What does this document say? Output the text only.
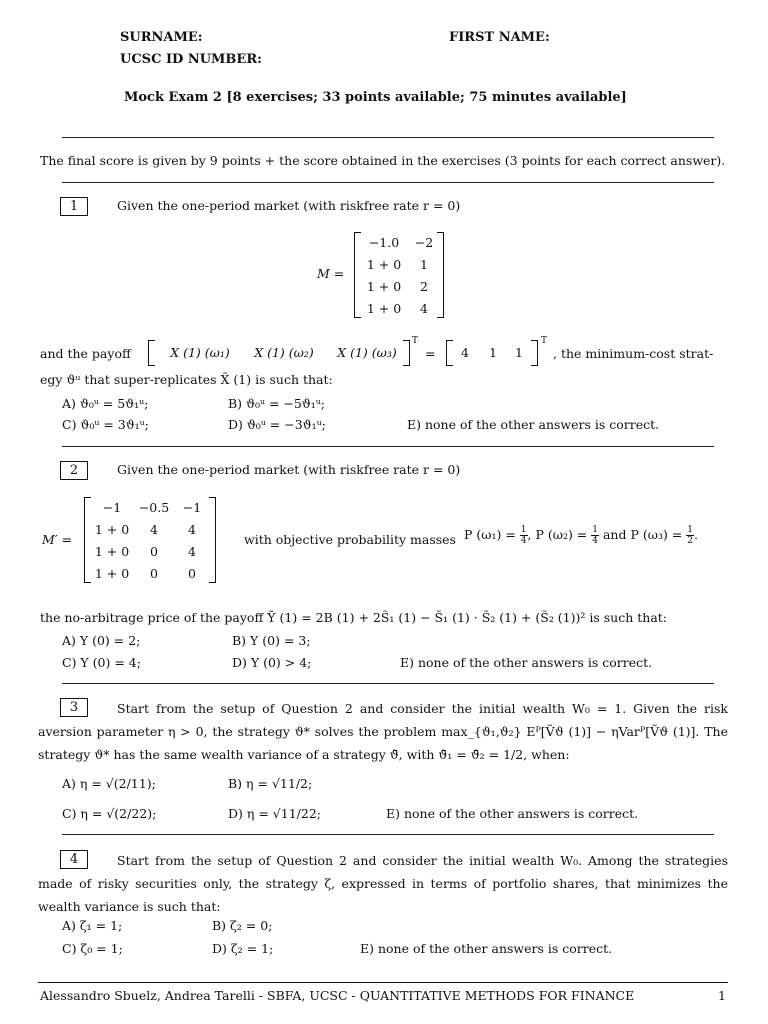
SURNAME:	FIRST NAME:
UCSC ID NUMBER:
Mock Exam 2 [8 exercises; 33 points available; 75 minutes available]
The final score is given by 9 points + the score obtained in the exercises (3 points for each correct answer).
1	Given the one-period market (with riskfree rate r = 0)
M =
−1.0	−2
1 + 0	1
1 + 0	2
1 + 0	4
and the payoff	X (1) (ω₁)	X (1) (ω₂)	X (1) (ω₃)
T
=	4	1	1
T
, the minimum-cost strat-
egy ϑᵘ that super-replicates X̃ (1) is such that:
A) ϑ₀ᵘ = 5ϑ₁ᵘ;	B) ϑ₀ᵘ = −5ϑ₁ᵘ;
C) ϑ₀ᵘ = 3ϑ₁ᵘ;	D) ϑ₀ᵘ = −3ϑ₁ᵘ;	E) none of the other answers is correct.
2	Given the one-period market (with riskfree rate r = 0)
M′ =
−1	−0.5	−1
1 + 0	4	4
1 + 0	0	4
1 + 0	0	0
with objective probability masses P $(\omega_1) = \frac{1}{4}$ , P $(\omega_2) = \frac{1}{4}$ and P $(\omega_3) = \frac{1}{2}$ .
the no-arbitrage price of the payoff Ỹ (1) = 2B (1) + 2S̃₁ (1) − S̃₁ (1) · S̃₂ (1) + (S̃₂ (1))² is such that:
A) Y (0) = 2;	B) Y (0) = 3;
C) Y (0) = 4;	D) Y (0) > 4;	E) none of the other answers is correct.
3	Start from the setup of Question 2 and consider the initial wealth W₀ = 1. Given the risk aversion parameter η > 0, the strategy ϑ* solves the problem max_{ϑ₁,ϑ₂} Eᴾ[Ṽϑ (1)] − ηVarᴾ[Ṽϑ (1)]. The strategy ϑ* has the same wealth variance of a strategy ϑ̄, with ϑ̄₁ = ϑ̄₂ = 1/2, when:
A) η = √(2/11);	B) η = √11/2;
C) η = √(2/22);	D) η = √11/22;	E) none of the other answers is correct.
4	Start from the setup of Question 2 and consider the initial wealth W₀. Among the strategies made of risky securities only, the strategy ζ, expressed in terms of portfolio shares, that minimizes the wealth variance is such that:
A) ζ₁ = 1;	B) ζ₂ = 0;
C) ζ₀ = 1;	D) ζ₂ = 1;	E) none of the other answers is correct.
Alessandro Sbuelz, Andrea Tarelli - SBFA, UCSC - QUANTITATIVE METHODS FOR FINANCE	1
